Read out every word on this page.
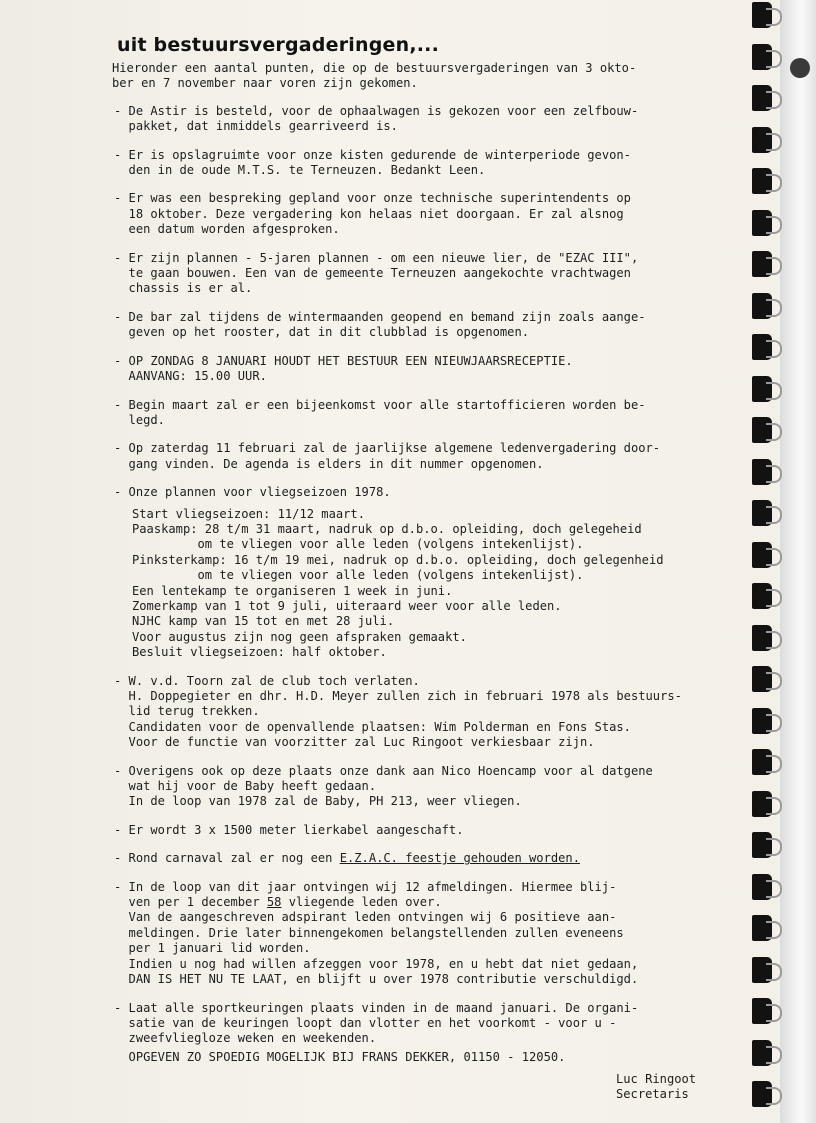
uit bestuursvergaderingen,...

Hieronder een aantal punten, die op de bestuursvergaderingen van 3 okto-
ber en 7 november naar voren zijn gekomen.

- De Astir is besteld, voor de ophaalwagen is gekozen voor een zelfbouw-
pakket, dat inmiddels gearriveerd is.

- Er is opslagruimte voor onze kisten gedurende de winterperiode gevon-
den in de oude M.T.S. te Terneuzen. Bedankt Leen.

- Er was een bespreking gepland voor onze technische superintendents op
18 oktober. Deze vergadering kon helaas niet doorgaan. Er zal alsnog
een datum worden afgesproken.

- Er zijn plannen - 5-jaren plannen - om een nieuwe lier, de "EZAC III",
te gaan bouwen. Een van de gemeente Terneuzen aangekochte vrachtwagen
chassis is er al.

- De bar zal tijdens de wintermaanden geopend en bemand zijn zoals aange-
geven op het rooster, dat in dit clubblad is opgenomen.

- OP ZONDAG 8 JANUARI HOUDT HET BESTUUR EEN NIEUWJAARSRECEPTIE.
AANVANG: 15.00 UUR.

- Begin maart zal er een bijeenkomst voor alle startofficieren worden be-
legd.

- Op zaterdag 11 februari zal de jaarlijkse algemene ledenvergadering door-
gang vinden. De agenda is elders in dit nummer opgenomen.

- Onze plannen voor vliegseizoen 1978.

Start vliegseizoen: 11/12 maart.
Paaskamp: 28 t/m 31 maart, nadruk op d.b.o. opleiding, doch gelegeheid
om te vliegen voor alle leden (volgens intekenlijst).
Pinksterkamp: 16 t/m 19 mei, nadruk op d.b.o. opleiding, doch gelegenheid
om te vliegen voor alle leden (volgens intekenlijst).
Een lentekamp te organiseren 1 week in juni.
Zomerkamp van 1 tot 9 juli, uiteraard weer voor alle leden.
NJHC kamp van 15 tot en met 28 juli.
Voor augustus zijn nog geen afspraken gemaakt.
Besluit vliegseizoen: half oktober.

- W. v.d. Toorn zal de club toch verlaten.
H. Doppegieter en dhr. H.D. Meyer zullen zich in februari 1978 als bestuurs-
lid terug trekken.
Candidaten voor de openvallende plaatsen: Wim Polderman en Fons Stas.
Voor de functie van voorzitter zal Luc Ringoot verkiesbaar zijn.

- Overigens ook op deze plaats onze dank aan Nico Hoencamp voor al datgene
wat hij voor de Baby heeft gedaan.
In de loop van 1978 zal de Baby, PH 213, weer vliegen.

- Er wordt 3 x 1500 meter lierkabel aangeschaft.

- Rond carnaval zal er nog een E.Z.A.C. feestje gehouden worden.

- In de loop van dit jaar ontvingen wij 12 afmeldingen. Hiermee blij-
ven per 1 december 58 vliegende leden over.
Van de aangeschreven adspirant leden ontvingen wij 6 positieve aan-
meldingen. Drie later binnengekomen belangstellenden zullen eveneens
per 1 januari lid worden.
Indien u nog had willen afzeggen voor 1978, en u hebt dat niet gedaan,
DAN IS HET NU TE LAAT, en blijft u over 1978 contributie verschuldigd.

- Laat alle sportkeuringen plaats vinden in de maand januari. De organi-
satie van de keuringen loopt dan vlotter en het voorkomt - voor u -
zweefvliegloze weken en weekenden.

OPGEVEN ZO SPOEDIG MOGELIJK BIJ FRANS DEKKER, 01150 - 12050.

Luc Ringoot
Secretaris
